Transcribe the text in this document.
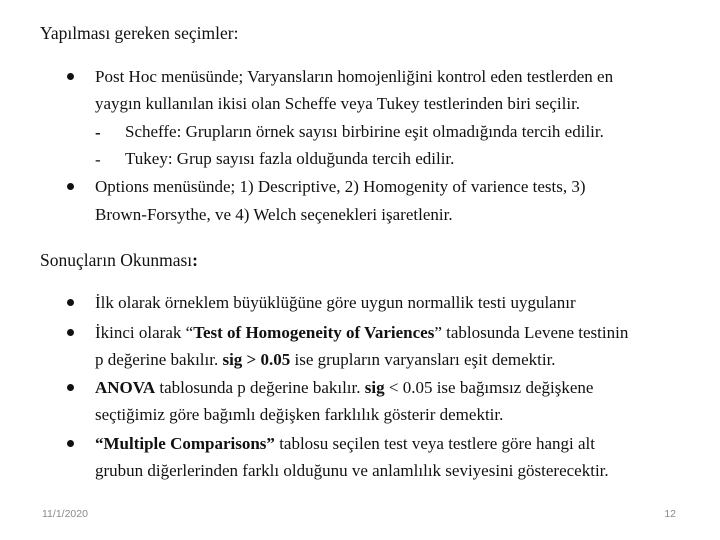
Yapılması gereken seçimler:
Post Hoc menüsünde; Varyansların homojenliğini kontrol eden testlerden en
yaygın kullanılan ikisi olan Scheffe veya Tukey testlerinden biri seçilir.
- Scheffe: Grupların örnek sayısı birbirine eşit olmadığında tercih edilir.
- Tukey: Grup sayısı fazla olduğunda tercih edilir.
Options menüsünde; 1) Descriptive, 2) Homogenity of varience tests, 3)
Brown-Forsythe, ve 4) Welch seçenekleri işaretlenir.
Sonuçların Okunması:
İlk olarak örneklem büyüklüğüne göre uygun normallik testi uygulanır
İkinci olarak “Test of Homogeneity of Variences” tablosunda Levene testinin
p değerine bakılır. sig > 0.05 ise grupların varyansları eşit demektir.
ANOVA tablosunda p değerine bakılır. sig < 0.05 ise bağımsız değişkene
seçtiğimiz göre bağımlı değişken farklılık gösterir demektir.
“Multiple Comparisons” tablosu seçilen test veya testlere göre hangi alt
grubun diğerlerinden farklı olduğunu ve anlamlılık seviyesini gösterecektir.
11/1/2020	12
